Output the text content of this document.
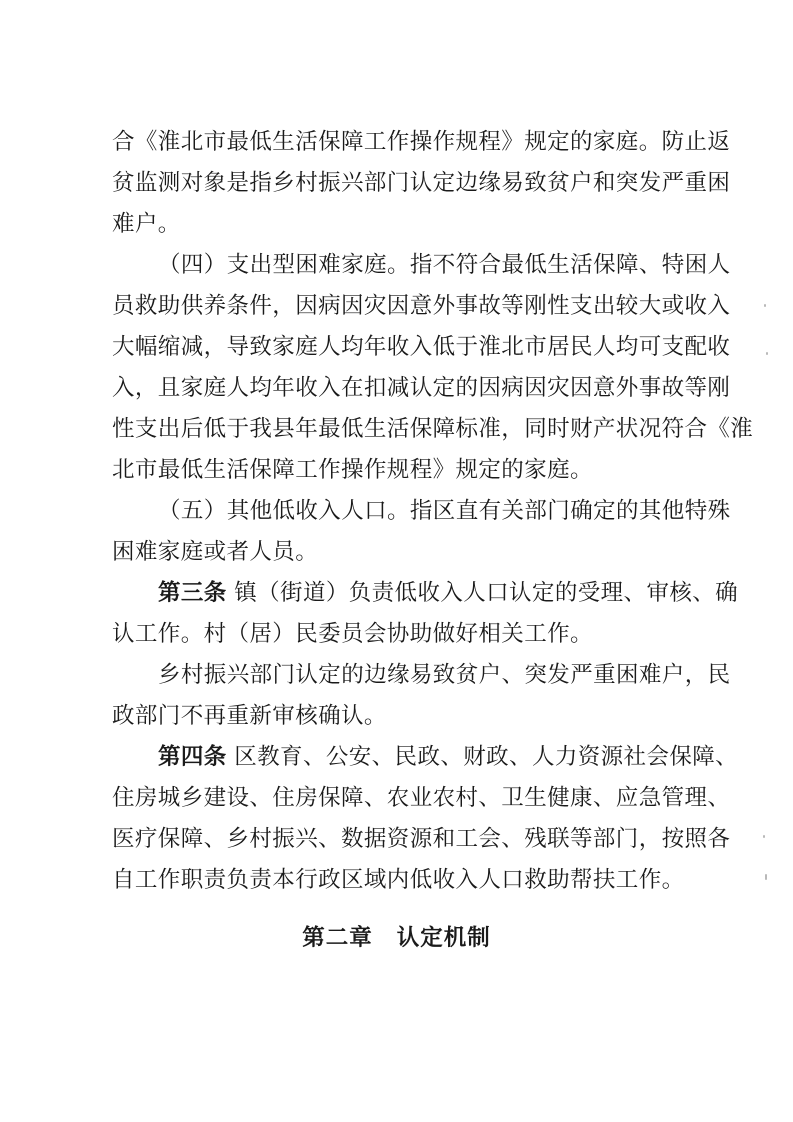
合《淮北市最低生活保障工作操作规程》规定的家庭。防止返
贫监测对象是指乡村振兴部门认定边缘易致贫户和突发严重困
难户。
（四）支出型困难家庭。指不符合最低生活保障、特困人
员救助供养条件，因病因灾因意外事故等刚性支出较大或收入
大幅缩减，导致家庭人均年收入低于淮北市居民人均可支配收
入，且家庭人均年收入在扣减认定的因病因灾因意外事故等刚
性支出后低于我县年最低生活保障标准，同时财产状况符合《淮
北市最低生活保障工作操作规程》规定的家庭。
（五）其他低收入人口。指区直有关部门确定的其他特殊
困难家庭或者人员。
第三条 镇（街道）负责低收入人口认定的受理、审核、确
认工作。村（居）民委员会协助做好相关工作。
乡村振兴部门认定的边缘易致贫户、突发严重困难户，民
政部门不再重新审核确认。
第四条 区教育、公安、民政、财政、人力资源社会保障、
住房城乡建设、住房保障、农业农村、卫生健康、应急管理、
医疗保障、乡村振兴、数据资源和工会、残联等部门，按照各
自工作职责负责本行政区域内低收入人口救助帮扶工作。
第二章 认定机制
